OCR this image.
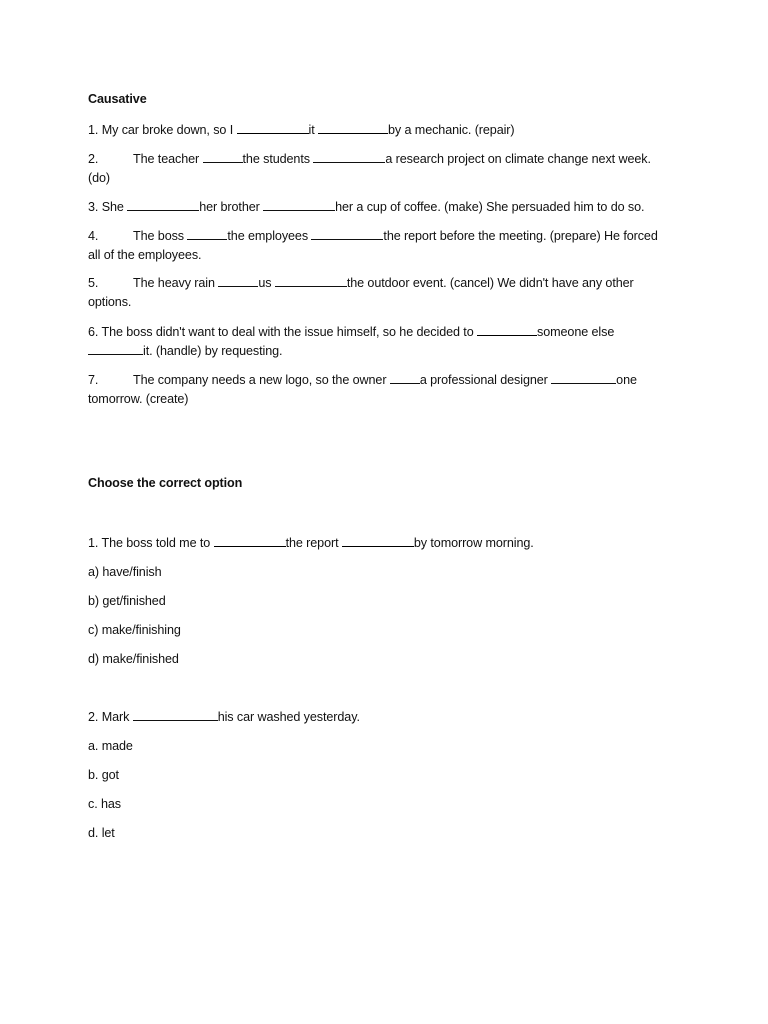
Causative
1. My car broke down, so I	it	by a mechanic. (repair)
2.	The teacher	the students	a research project on climate change next week.
(do)
3. She	her brother	her a cup of coffee. (make) She persuaded him to do so.
4.	The boss	the employees	the report before the meeting. (prepare) He forced
all of the employees.
5.	The heavy rain	us	the outdoor event. (cancel) We didn't have any other
options.
6. The boss didn't want to deal with the issue himself, so he decided to	someone else
it. (handle) by requesting.
7.	The company needs a new logo, so the owner a professional designer	one
tomorrow. (create)
Choose the correct option
1. The boss told me to	the report	by tomorrow morning.
a) have/finish
b) get/finished
c) make/finishing
d) make/finished
2. Mark	his car washed yesterday.
a. made
b. got
c. has
d. let
